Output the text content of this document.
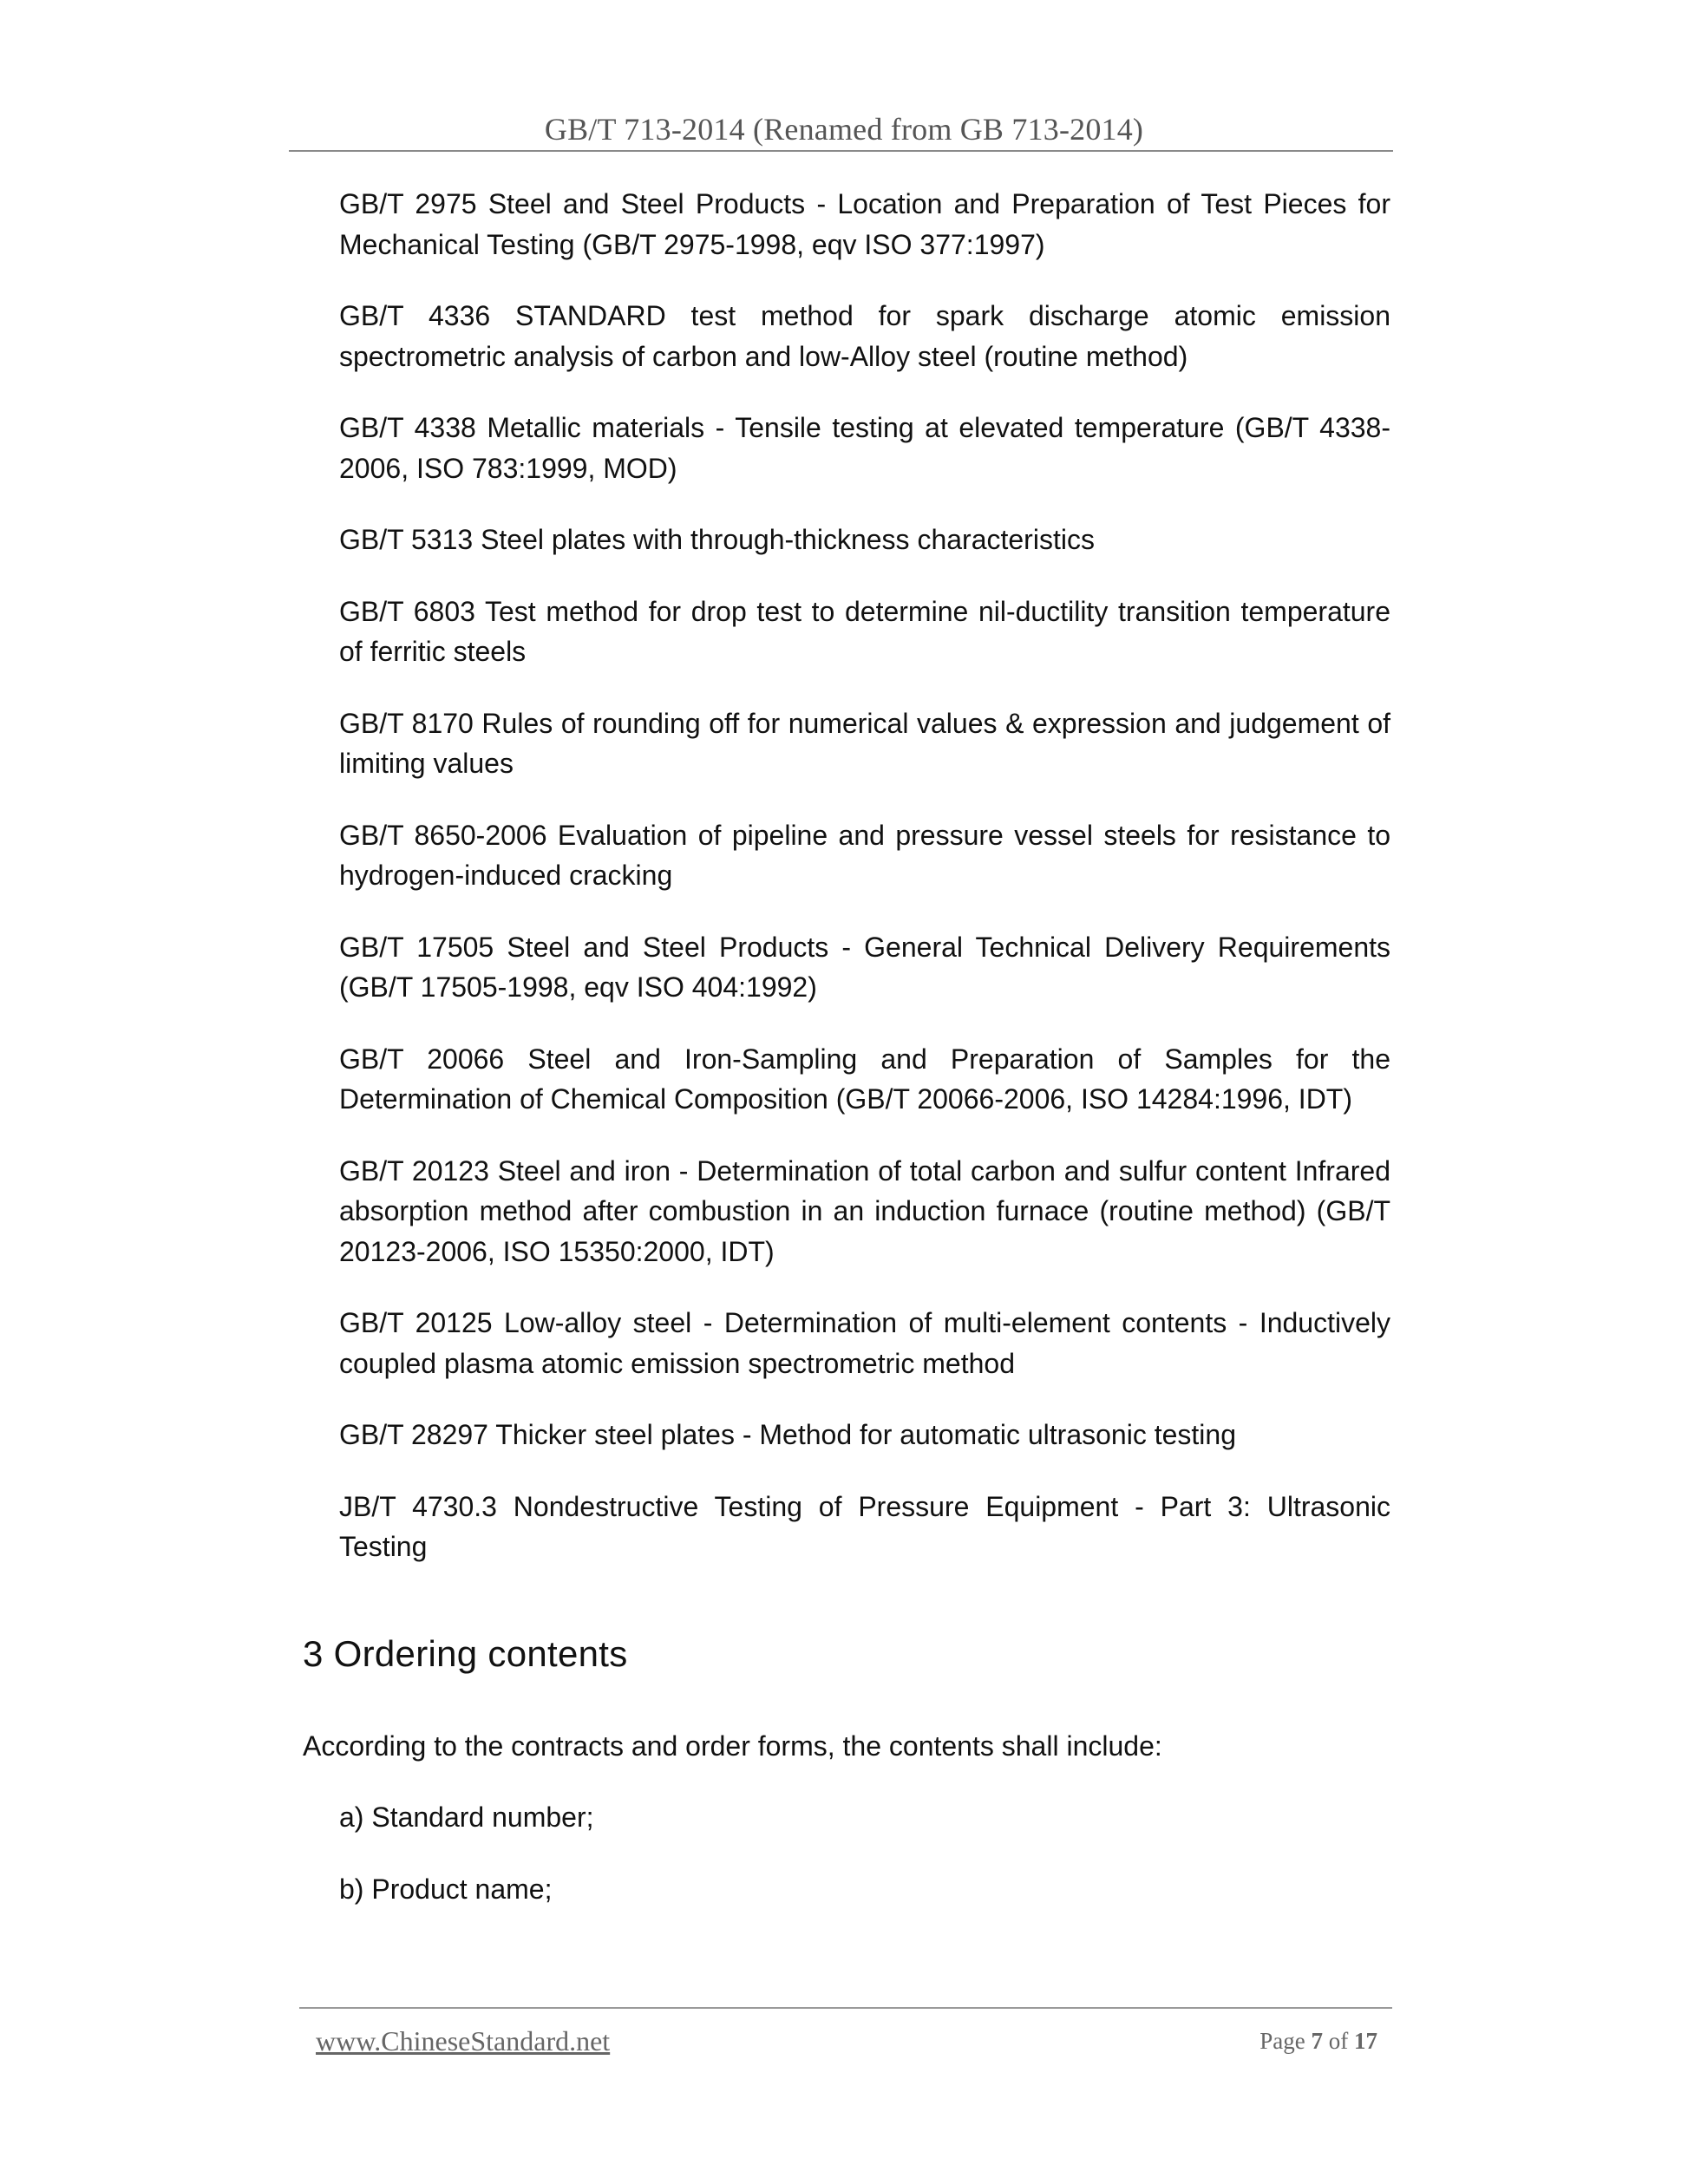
GB/T 713-2014 (Renamed from GB 713-2014)
GB/T 2975 Steel and Steel Products - Location and Preparation of Test Pieces for Mechanical Testing (GB/T 2975-1998, eqv ISO 377:1997)
GB/T 4336 STANDARD test method for spark discharge atomic emission spectrometric analysis of carbon and low-Alloy steel (routine method)
GB/T 4338 Metallic materials - Tensile testing at elevated temperature (GB/T 4338-2006, ISO 783:1999, MOD)
GB/T 5313 Steel plates with through-thickness characteristics
GB/T 6803 Test method for drop test to determine nil-ductility transition temperature of ferritic steels
GB/T 8170 Rules of rounding off for numerical values & expression and judgement of limiting values
GB/T 8650-2006 Evaluation of pipeline and pressure vessel steels for resistance to hydrogen-induced cracking
GB/T 17505 Steel and Steel Products - General Technical Delivery Requirements (GB/T 17505-1998, eqv ISO 404:1992)
GB/T 20066 Steel and Iron-Sampling and Preparation of Samples for the Determination of Chemical Composition (GB/T 20066-2006, ISO 14284:1996, IDT)
GB/T 20123 Steel and iron - Determination of total carbon and sulfur content Infrared absorption method after combustion in an induction furnace (routine method) (GB/T 20123-2006, ISO 15350:2000, IDT)
GB/T 20125 Low-alloy steel - Determination of multi-element contents - Inductively coupled plasma atomic emission spectrometric method
GB/T 28297 Thicker steel plates - Method for automatic ultrasonic testing
JB/T 4730.3 Nondestructive Testing of Pressure Equipment - Part 3: Ultrasonic Testing
3 Ordering contents

According to the contracts and order forms, the contents shall include:

a) Standard number;
b) Product name;
www.ChineseStandard.net	Page 7 of 17
